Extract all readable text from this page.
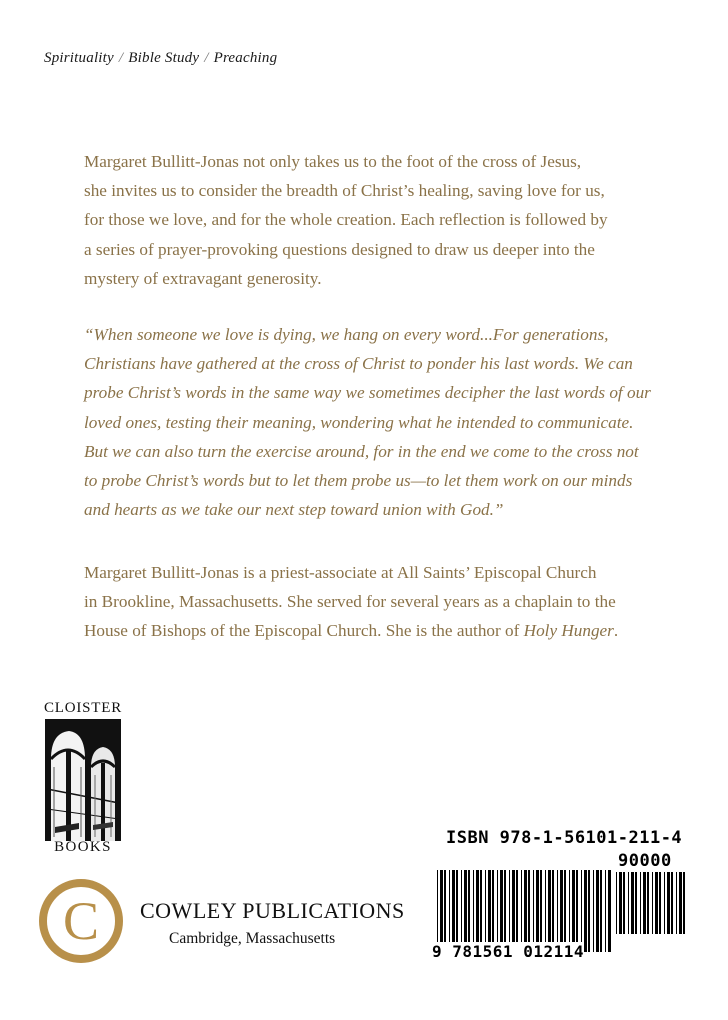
Spirituality / Bible Study / Preaching
Margaret Bullitt-Jonas not only takes us to the foot of the cross of Jesus,
she invites us to consider the breadth of Christ’s healing, saving love for us,
for those we love, and for the whole creation. Each reflection is followed by
a series of prayer-provoking questions designed to draw us deeper into the
mystery of extravagant generosity.
“When someone we love is dying, we hang on every word...For generations,
Christians have gathered at the cross of Christ to ponder his last words. We can
probe Christ’s words in the same way we sometimes decipher the last words of our
loved ones, testing their meaning, wondering what he intended to communicate.
But we can also turn the exercise around, for in the end we come to the cross not
to probe Christ’s words but to let them probe us—to let them work on our minds
and hearts as we take our next step toward union with God.”
Margaret Bullitt-Jonas is a priest-associate at All Saints’ Episcopal Church
in Brookline, Massachusetts. She served for several years as a chaplain to the
House of Bishops of the Episcopal Church. She is the author of Holy Hunger.
CLOISTER
BOOKS
C COWLEY PUBLICATIONS
Cambridge, Massachusetts
ISBN 978-1-56101-211-4
90000
9 781561 012114
